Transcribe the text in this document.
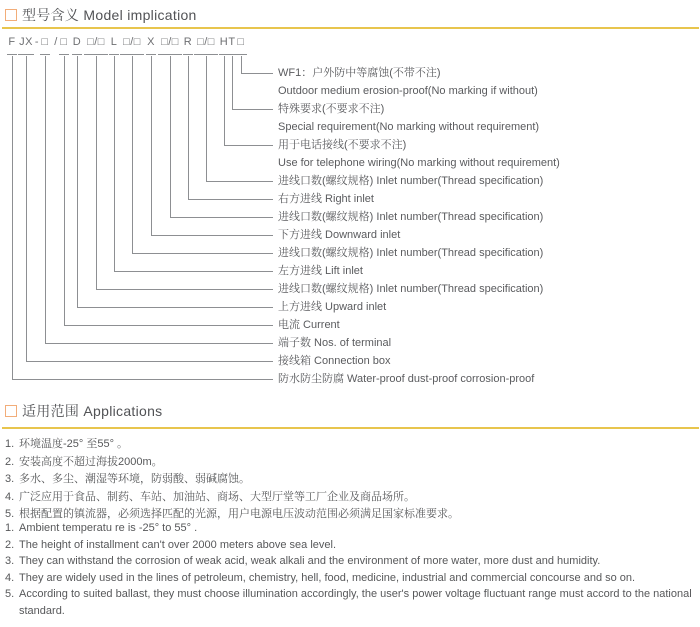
型号含义 Model implication
F JX - □ / □ D □/□ L □/□ X □/□ R □/□ H T □
WF1：户外防中等腐蚀(不带不注)
Outdoor medium erosion-proof(No marking if without)
特殊要求(不要求不注)
Special requirement(No marking without requirement)
用于电话接线(不要求不注)
Use for telephone wiring(No marking without requirement)
进线口数(螺纹规格) Inlet number(Thread specification)
右方进线 Right inlet
进线口数(螺纹规格) Inlet number(Thread specification)
下方进线 Downward inlet
进线口数(螺纹规格) Inlet number(Thread specification)
左方进线 Lift inlet
进线口数(螺纹规格) Inlet number(Thread specification)
上方进线 Upward inlet
电流 Current
端子数 Nos. of terminal
接线箱 Connection box
防水防尘防腐 Water-proof dust-proof corrosion-proof
适用范围 Applications
1. 环境温度-25° 至55° 。
2. 安装高度不超过海拔2000m。
3. 多水、多尘、潮湿等环境，防弱酸、弱碱腐蚀。
4. 广泛应用于食品、制药、车站、加油站、商场、大型厅堂等工厂企业及商品场所。
5. 根据配置的镇流器，必须选择匹配的光源，用户电源电压波动范围必须满足国家标准要求。
1. Ambient temperatu re is -25° to 55° .
2. The height of installment can't over 2000 meters above sea level.
3. They can withstand the corrosion of weak acid, weak alkali and the environment of more water, more dust and humidity.
4. They are widely used in the lines of petroleum, chemistry, hell, food, medicine, industrial and commercial concourse and so on.
5. According to suited ballast, they must choose illumination accordingly, the user's power voltage fluctuant range must accord to the national standard.
